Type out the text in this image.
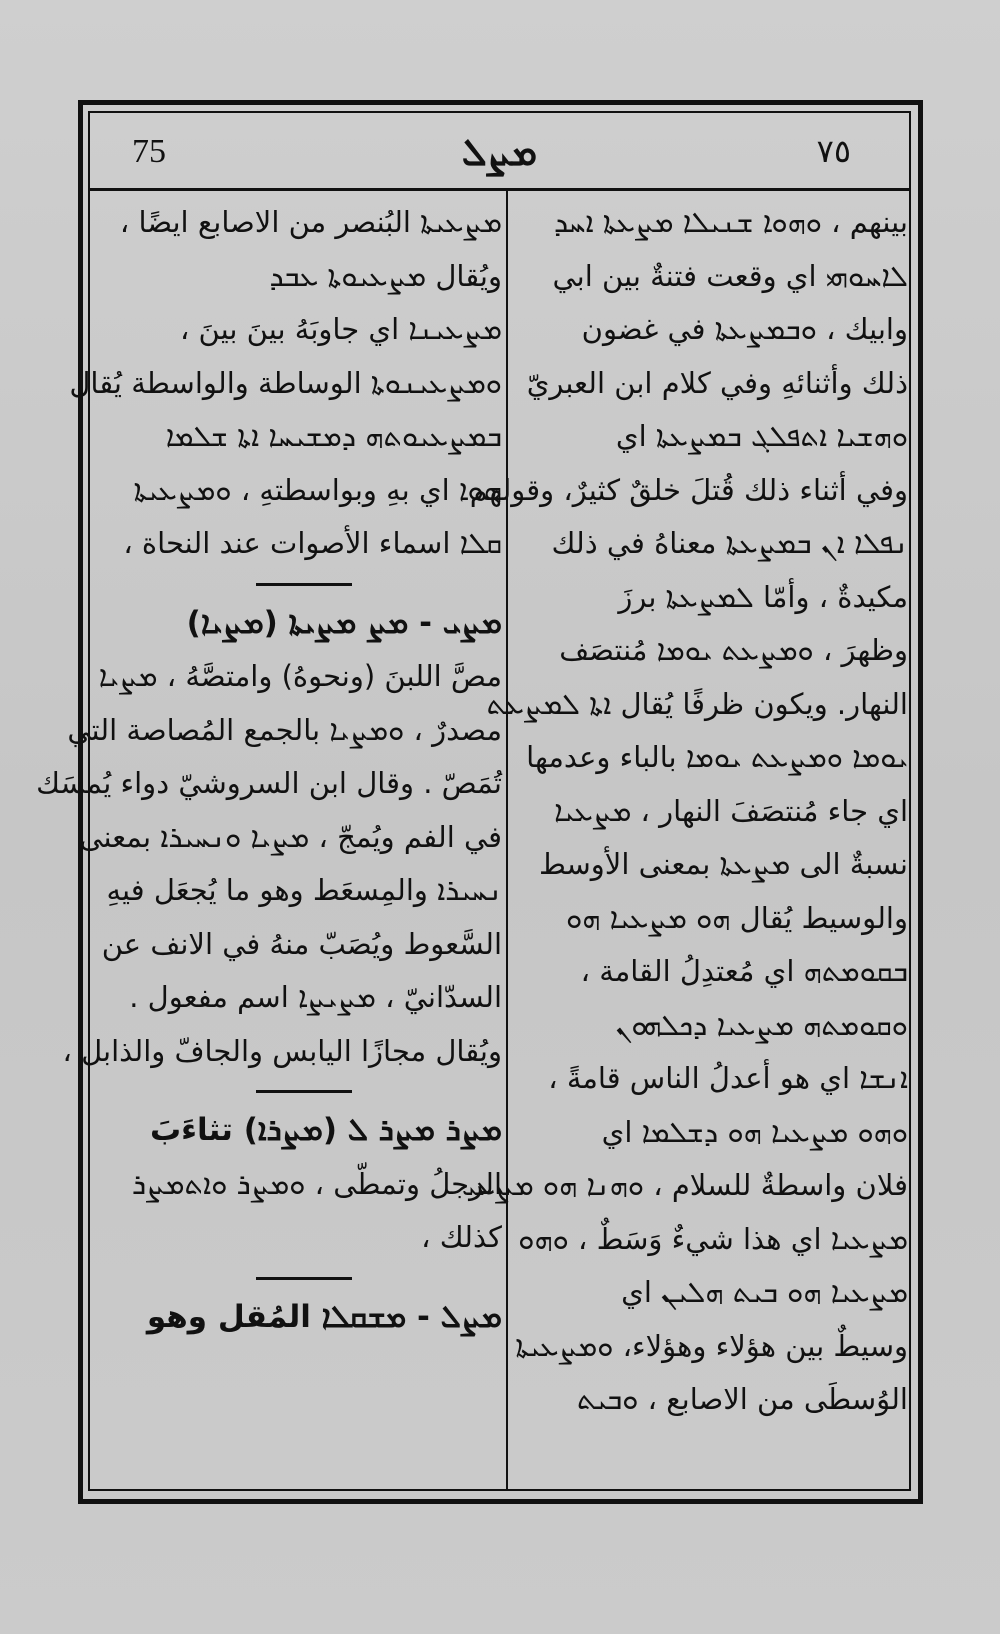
75	ܡܨܠ	٧٥
بينهم ، ܘܗܘܐ ܫܢܝܠܐ ܡܨܥܬܐ ܐܚܕ
ܠܐܚܘܗܝ اي وقعت فتنةٌ بين ابي
وابيك ، ܘܒܡܨܥܬܐ في غضون
ذلك وأثنائهِ وفي كلام ابن العبريّ
ܘܗܫܝܐ ܐܬܦܠܓ ܒܡܨܥܬܐ اي
وفي أثناء ذلك قُتلَ خلقٌ كثيرٌ، وقولهم
ܢܦܠܐ ܐܢ ܒܡܨܥܬܐ معناهُ في ذلك
مكيدةٌ ، وأمّا ܠܡܨܥܬܐ برزَ
وظهرَ ، ܘܡܨܥܬ ܝܘܡܐ مُنتصَف
النهار. ويكون ظرفًا يُقال ܐܬܐ ܠܡܨܥܬ
ܝܘܡܐ ܘܡܨܥܬ ܝܘܡܐ بالباء وعدمها
اي جاء مُنتصَفَ النهار ، ܡܨܥܝܐ
نسبةٌ الى ܡܨܥܬܐ بمعنى الأوسط
والوسيط يُقال ܗܘ ܡܨܥܝܐ ܗܘ
ܒܩܘܡܬܗ اي مُعتدِلُ القامة ،
ܘܩܘܡܬܗ ܡܨܥܝܐ ܕܟܠܗܘܢ
ܐܢܫܐ اي هو أعدلُ الناس قامةً ،
ܘܗܘ ܡܨܥܝܐ ܗܘ ܕܫܠܡܐ اي
فلان واسطةٌ للسلام ، ܘܗܢܐ ܗܘ ܡܨܥܝ
ܡܨܥܝܐ اي هذا شيءٌ وَسَطٌ ، ܘܗܘ
ܡܨܥܝܐ ܗܘ ܒܝܬ ܗܠܝܢ اي
وسيطٌ بين هؤلاء وهؤلاء، ܘܡܨܥܝܬܐ
الوُسطَى من الاصابع ، ܘܒܝܬ
ܡܨܥܝܬܐ البُنصر من الاصابع ايضًا ،
ويُقال ܡܨܥܝܘܬܐ ܥܒܕ
ܡܨܥܝܢܐ اي جاوبَهُ بينَ بينَ ،
ܘܡܨܥܝܢܘܬܐ الوساطة والواسطة يُقال
ܒܡܨܥܝܘܬܗ ܕܡܫܝܚܐ ܐܬܐ ܫܠܡܐ
ܗܘܐ اي بهِ وبواسطتهِ ، ܘܡܨܥܝܬܐ
ܩܠܐ اسماء الأصوات عند النحاة ،
ܡܨܝ - ܡܨ ܡܨܝܬܐ (ܡܨܝܐ)
مصَّ اللبنَ (ونحوهُ) وامتصَّهُ ، ܡܨܝܐ
مصدرٌ ، ܘܡܨܝܐ بالجمع المُصاصة التي
تُمَصّ . وقال ابن السروشيّ دواء يُمسَك
في الفم ويُمجّ ، ܡܨܝܐ ܘܢܚܝܪܐ بمعنى
ܢܚܝܪܐ والمِسعَط وهو ما يُجعَل فيهِ
السَّعوط ويُصَبّ منهُ في الانف عن
السدّانيّ ، ܡܨܝܨܐ اسم مفعول .
ويُقال مجازًا اليابس والجافّ والذابل ،
ܡܨܪ ܡܨܪ ܠ (ܡܨܪܐ) تثاءَبَ
الرجلُ وتمطّى ، ܘܡܨܪ ܘܐܬܡܨܪ
كذلك ،
ܡܨܠ - ܡܫܩܠܐ المُقل وهو
